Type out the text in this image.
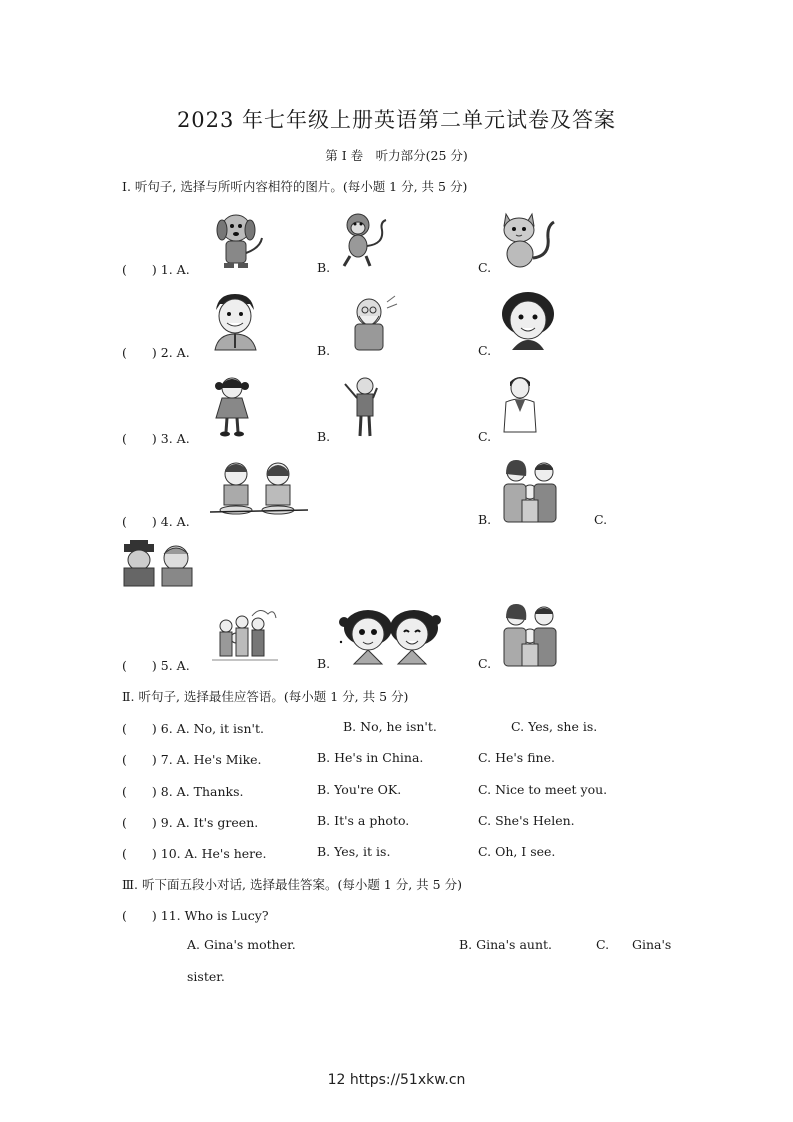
2023 年七年级上册英语第二单元试卷及答案
第 I 卷　听力部分(25 分)
Ⅰ. 听句子, 选择与所听内容相符的图片。(每小题 1 分, 共 5 分)
(　　) 1. A.	B.	C.
(　　) 2. A.	B.	C.
(　　) 3. A.	B.	C.
(　　) 4. A.	B.	C.
(　　) 5. A.	B.	C.
Ⅱ. 听句子, 选择最佳应答语。(每小题 1 分, 共 5 分)
(　　) 6. A. No, it isn't.	B. No, he isn't.	C. Yes, she is.
(　　) 7. A. He's Mike.	B. He's in China.	C. He's fine.
(　　) 8. A. Thanks.	B. You're OK.	C. Nice to meet you.
(　　) 9. A. It's green.	B. It's a photo.	C. She's Helen.
(　　) 10. A. He's here.	B. Yes, it is.	C. Oh, I see.
Ⅲ. 听下面五段小对话, 选择最佳答案。(每小题 1 分, 共 5 分)
(　　) 11. Who is Lucy?
A. Gina's mother.	B. Gina's aunt.	C. Gina's
sister.
12 https://51xkw.cn
